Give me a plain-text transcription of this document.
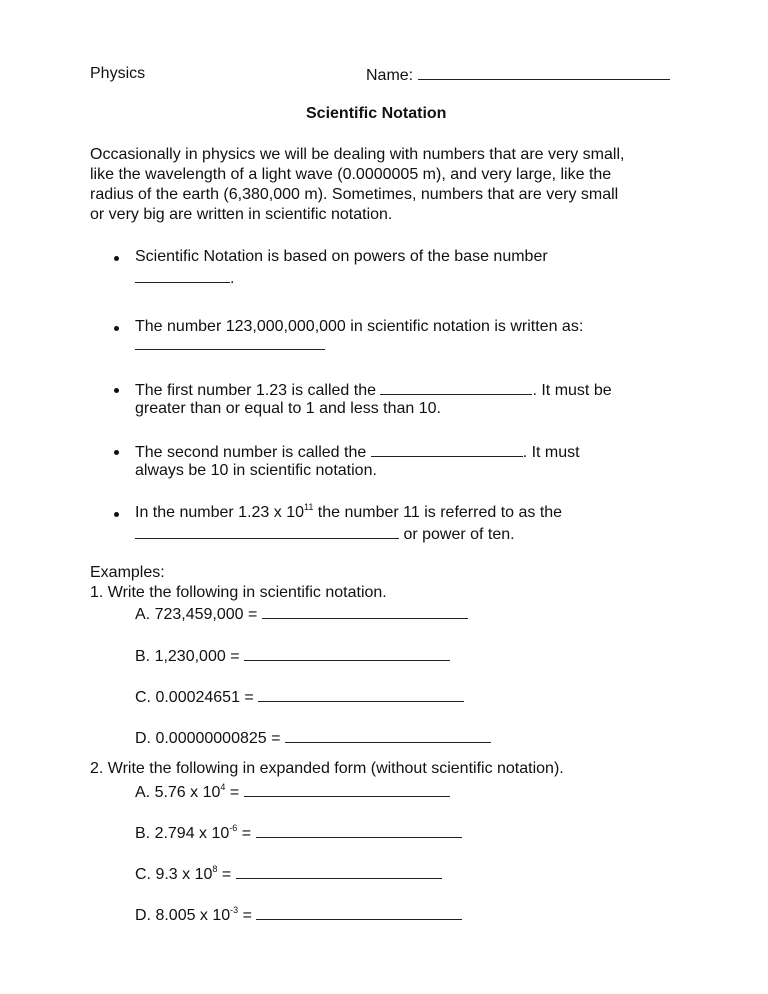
Physics	Name:
Scientific Notation
Occasionally in physics we will be dealing with numbers that are very small,
like the wavelength of a light wave (0.0000005 m), and very large, like the
radius of the earth (6,380,000 m). Sometimes, numbers that are very small
or very big are written in scientific notation.
Scientific Notation is based on powers of the base number
.
The number 123,000,000,000 in scientific notation is written as:
The first number 1.23 is called the	. It must be
greater than or equal to 1 and less than 10.
The second number is called the	. It must
always be 10 in scientific notation.
In the number 1.23 x $10^{11}$ the number 11 is referred to as the
or power of ten.
Examples:
1. Write the following in scientific notation.
A. 723,459,000 =
B. 1,230,000 =
C. 0.00024651 =
D. 0.00000000825 =
2. Write the following in expanded form (without scientific notation).
A. 5.76 x $10^4$ =
B. 2.794 x $10^{-6}$ =
C. 9.3 x $10^8$ =
D. 8.005 x $10^{-3}$ =
